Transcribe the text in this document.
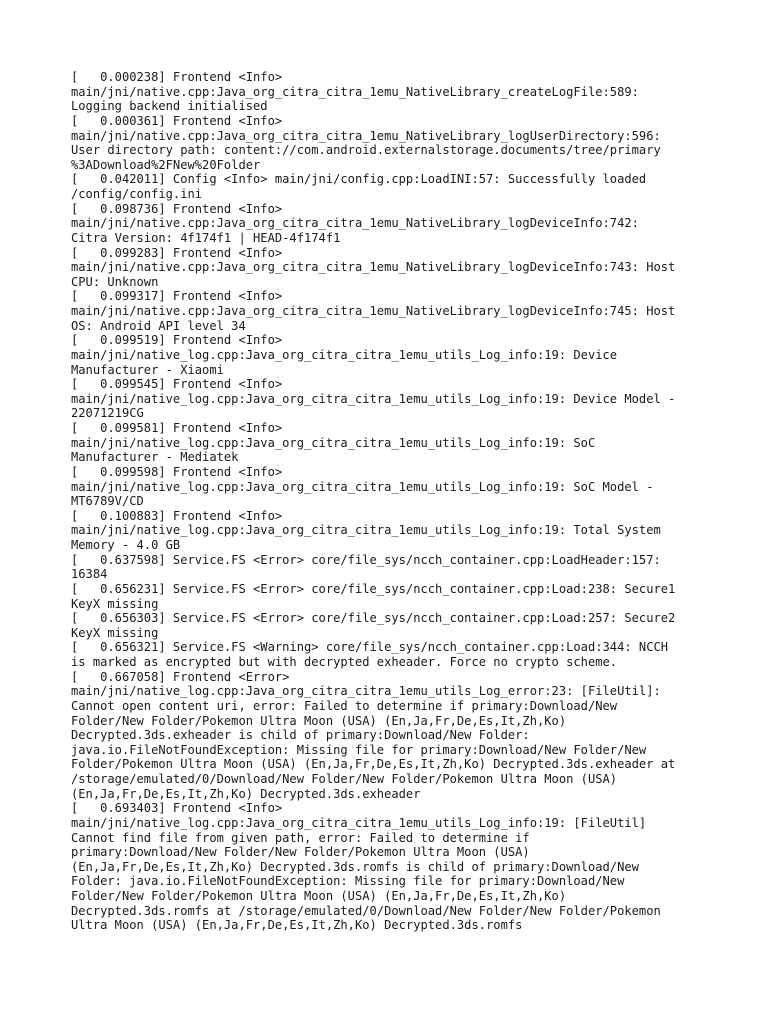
[   0.000238] Frontend <Info>
main/jni/native.cpp:Java_org_citra_citra_1emu_NativeLibrary_createLogFile:589:
Logging backend initialised
[   0.000361] Frontend <Info>
main/jni/native.cpp:Java_org_citra_citra_1emu_NativeLibrary_logUserDirectory:596:
User directory path: content://com.android.externalstorage.documents/tree/primary
%3ADownload%2FNew%20Folder
[   0.042011] Config <Info> main/jni/config.cpp:LoadINI:57: Successfully loaded
/config/config.ini
[   0.098736] Frontend <Info>
main/jni/native.cpp:Java_org_citra_citra_1emu_NativeLibrary_logDeviceInfo:742:
Citra Version: 4f174f1 | HEAD-4f174f1
[   0.099283] Frontend <Info>
main/jni/native.cpp:Java_org_citra_citra_1emu_NativeLibrary_logDeviceInfo:743: Host
CPU: Unknown
[   0.099317] Frontend <Info>
main/jni/native.cpp:Java_org_citra_citra_1emu_NativeLibrary_logDeviceInfo:745: Host
OS: Android API level 34
[   0.099519] Frontend <Info>
main/jni/native_log.cpp:Java_org_citra_citra_1emu_utils_Log_info:19: Device
Manufacturer - Xiaomi
[   0.099545] Frontend <Info>
main/jni/native_log.cpp:Java_org_citra_citra_1emu_utils_Log_info:19: Device Model -
22071219CG
[   0.099581] Frontend <Info>
main/jni/native_log.cpp:Java_org_citra_citra_1emu_utils_Log_info:19: SoC
Manufacturer - Mediatek
[   0.099598] Frontend <Info>
main/jni/native_log.cpp:Java_org_citra_citra_1emu_utils_Log_info:19: SoC Model -
MT6789V/CD
[   0.100883] Frontend <Info>
main/jni/native_log.cpp:Java_org_citra_citra_1emu_utils_Log_info:19: Total System
Memory - 4.0 GB
[   0.637598] Service.FS <Error> core/file_sys/ncch_container.cpp:LoadHeader:157:
16384
[   0.656231] Service.FS <Error> core/file_sys/ncch_container.cpp:Load:238: Secure1
KeyX missing
[   0.656303] Service.FS <Error> core/file_sys/ncch_container.cpp:Load:257: Secure2
KeyX missing
[   0.656321] Service.FS <Warning> core/file_sys/ncch_container.cpp:Load:344: NCCH
is marked as encrypted but with decrypted exheader. Force no crypto scheme.
[   0.667058] Frontend <Error>
main/jni/native_log.cpp:Java_org_citra_citra_1emu_utils_Log_error:23: [FileUtil]:
Cannot open content uri, error: Failed to determine if primary:Download/New
Folder/New Folder/Pokemon Ultra Moon (USA) (En,Ja,Fr,De,Es,It,Zh,Ko)
Decrypted.3ds.exheader is child of primary:Download/New Folder:
java.io.FileNotFoundException: Missing file for primary:Download/New Folder/New
Folder/Pokemon Ultra Moon (USA) (En,Ja,Fr,De,Es,It,Zh,Ko) Decrypted.3ds.exheader at
/storage/emulated/0/Download/New Folder/New Folder/Pokemon Ultra Moon (USA)
(En,Ja,Fr,De,Es,It,Zh,Ko) Decrypted.3ds.exheader
[   0.693403] Frontend <Info>
main/jni/native_log.cpp:Java_org_citra_citra_1emu_utils_Log_info:19: [FileUtil]
Cannot find file from given path, error: Failed to determine if
primary:Download/New Folder/New Folder/Pokemon Ultra Moon (USA)
(En,Ja,Fr,De,Es,It,Zh,Ko) Decrypted.3ds.romfs is child of primary:Download/New
Folder: java.io.FileNotFoundException: Missing file for primary:Download/New
Folder/New Folder/Pokemon Ultra Moon (USA) (En,Ja,Fr,De,Es,It,Zh,Ko)
Decrypted.3ds.romfs at /storage/emulated/0/Download/New Folder/New Folder/Pokemon
Ultra Moon (USA) (En,Ja,Fr,De,Es,It,Zh,Ko) Decrypted.3ds.romfs
